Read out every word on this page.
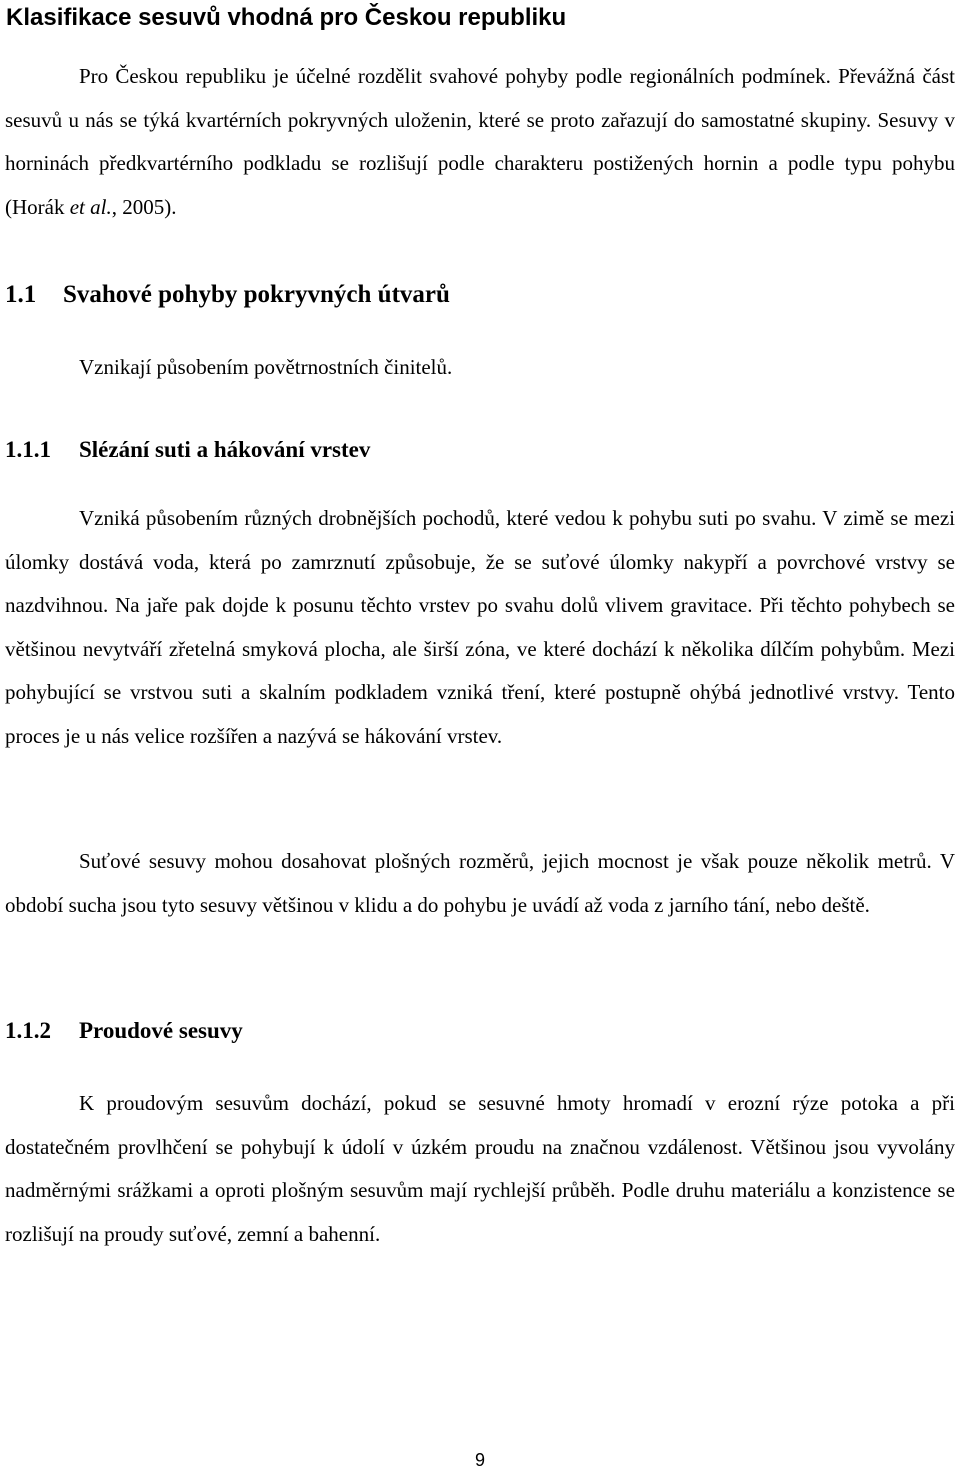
Klasifikace sesuvů vhodná pro Českou republiku

Pro Českou republiku je účelné rozdělit svahové pohyby podle regionálních podmínek. Převážná část sesuvů u nás se týká kvartérních pokryvných uloženin, které se proto zařazují do samostatné skupiny. Sesuvy v horninách předkvartérního podkladu se rozlišují podle charakteru postižených hornin a podle typu pohybu (Horák et al., 2005).

1.1 Svahové pohyby pokryvných útvarů

Vznikají působením povětrnostních činitelů.

1.1.1 Slézání suti a hákování vrstev

Vzniká působením různých drobnějších pochodů, které vedou k pohybu suti po svahu. V zimě se mezi úlomky dostává voda, která po zamrznutí způsobuje, že se suťové úlomky nakypří a povrchové vrstvy se nazdvihnou. Na jaře pak dojde k posunu těchto vrstev po svahu dolů vlivem gravitace. Při těchto pohybech se většinou nevytváří zřetelná smyková plocha, ale širší zóna, ve které dochází k několika dílčím pohybům. Mezi pohybující se vrstvou suti a skalním podkladem vzniká tření, které postupně ohýbá jednotlivé vrstvy. Tento proces je u nás velice rozšířen a nazývá se hákování vrstev.

Suťové sesuvy mohou dosahovat plošných rozměrů, jejich mocnost je však pouze několik metrů. V období sucha jsou tyto sesuvy většinou v klidu a do pohybu je uvádí až voda z jarního tání, nebo deště.

1.1.2 Proudové sesuvy

K proudovým sesuvům dochází, pokud se sesuvné hmoty hromadí v erozní rýze potoka a při dostatečném provlhčení se pohybují k údolí v úzkém proudu na značnou vzdálenost. Většinou jsou vyvolány nadměrnými srážkami a oproti plošným sesuvům mají rychlejší průběh. Podle druhu materiálu a konzistence se rozlišují na proudy suťové, zemní a bahenní.

9
